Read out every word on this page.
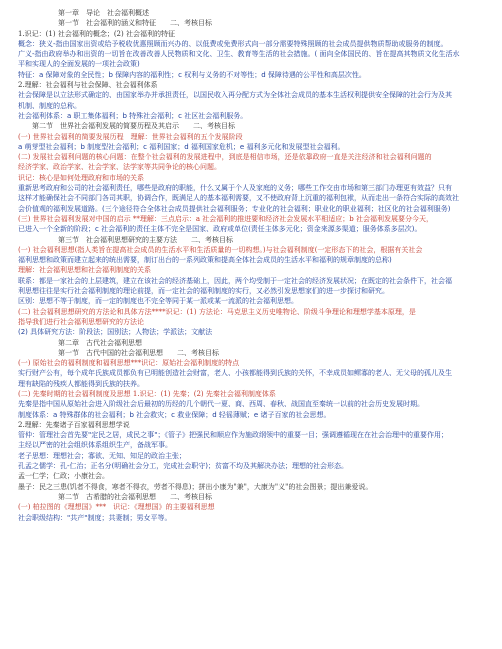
第一章　导论　社会福利概述
第一节　社会福利的涵义和特征　　二、考核目标
1.识记：(1) 社会福利的概念；(2) 社会福利的特征
概念：狭义-指由国家出资或给予税收优惠照顾而兴办的、以低费或免费形式向一部分需要特殊照顾的社会成员提供物质帮助或服务的制度。
广义-指由政府举办和出资的一切旨在改善改善人民物质和文化、卫生、教育等生活的社会措施。( 面向全体国民的、旨在提高其物质文化生活水
平和实现人的全面发展的一项社会政策)
特征：a 保障对象的全民性；b 保障内容的福利性；c 权利与义务的不对等性；d 保障待遇的公平性和高层次性。
2.理解：社会福利与社会保障、社会福利体系
社会保障是以立法形式确定的、由国家举办并承担责任，以国民收入再分配方式为全体社会成员的基本生活权利提供安全保障的社会行为及其
机制、制度的总称。
社会福利体系：a 职工集体福利；b 特殊社会福利；c 社区社会福利服务。
第二节　世界社会福利发展的简要历程及其启示　　二、考核目标
(一) 世界社会福利的简要发展历程　理解：世界社会福利的五个发展阶段
a 萌芽型社会福利；b 制度型社会福利；c 福利国家；d 福利国家危机；e 福利多元化和发展型社会福利。
(二) 发展社会福利问题的核心问题：在整个社会福利的发展进程中，到底是相信市场，还是依靠政府一直是关注经济和社会福利问题的
经济学家、政治学家、社会学家、法学家等共同争论的核心问题。
识记：核心是如何处理政府和市场的关系
重新思考政府和公司的社会福利责任，哪些是政府的职能，什么又属于个人及家庭的义务；哪些工作交由市场和第三部门办理更有效益？只有
这样才能确保社会不同部门各司其职，协调合作，既满足人的基本福利需要，又不使政府背上沉重的福利包袱，从而走出一条符合实际的高效社
会价值观的福利发展道路。(三个途径符合全体社会成员提供社会福利服务；专业化的社会福利；职业化的职业福利；社区化的社会福利服务)
(三) 世界社会福利发展对中国的启示 **理解：三点启示：a 社会福利的推进要和经济社会发展水平相适应；b 社会福利发展要分今天，
已进入一个全新的阶段；c 社会福利的责任主体不完全是国家、政府或单位(责任主体多元化；资金来源多渠道；服务体系多层次)。
第三节　社会福利思想研究的主要方法　　二、考核目标
(一) 社会福利思想(指人类旨在提高社会成员的生活水平和生活质量的一切构想。)与社会福利制度(一定形态下的社会，根据有关社会
福利思想和政策而建立起来的统出需要，制订出台的一系列政策和提高全体社会成员的生活水平和福利的规章制度的总称)
理解：社会福利思想和社会福利制度的关系
联系：都是一家社会的上层建筑，建立在该社会的经济基础上，因此，两个均受制于一定社会的经济发展状况；在既定的社会条件下，社会福
利思想往往是实行社会福利制度的理论前提，而一定社会的福利制度的实行，又必然引发思想家们的进一步探讨和研究。
区别：思想不等于制度，而一定的制度也不完全等同于某一派或某一流派的社会福利思想。
(二) 社会福利思想研究的方法论和具体方法****识记：(1) 方法论：马克思主义历史唯物论、阶级斗争理论和理想学基本原理，是
指导我们进行社会福利思想研究的方法论
(2) 具体研究方法：阶段法；国别法；人物法；学派法；文献法
第二章　古代社会福利思想
第一节　古代中国的社会福利思想　　二、考核目标
(一) 原始社会的福利制度和福利思想***识记：原始社会福利制度的特点
实行财产公有，每个成年氏族成员都负有已明能创造社会财富，老人、小孩都能得到氏族的关怀，不幸成员如鳏寡的老人、无父母的孤儿及生
理有缺陷的残疾人都能得到氏族的扶养。
(二) 先秦时期的社会福利制度及思想 1.识记：(1) 先秦；(2) 先秦社会福利制度体系
先秦是指中国从原始社会进入阶级社会后最初的历经的几个朝代一夏、商、西周、春秋、战国直至秦统一以前的社会历史发展时期。
制度体系：a 特殊群体的社会福利；b 社会救灾；c 救业保障；d 轻徭薄赋；e 诸子百家的社会思想。
2.理解：先秦诸子百家福利思想学说
管仲：管理社会首先要"定民之居，成民之事"；《管子》把强民和顺应作为施政纲领中的重要一目；强调遵循现在在社会治理中的重要作用；
主经以严密的社会组织体系组织生产，备战军事。
老子思想：理想社会；寡欲、无知、知足的政治主张；
孔孟之儒学：孔-仁治；正名分(明确社会分工，完成社会职守)；贫富不均及其解决办法；理想的社会形态。
孟一仁学；仁政；小康社会。
墨子：民之三患(饥者不得食，寒者不得衣，劳者不得息)；拼出小康为"兼"，大康为"义"的社会图景；提出兼爱说。
第二节　古希腊的社会福利思想　　二、考核目标
(一) 柏拉图的《理想国》***　识记：《理想国》的主要福利思想
社会职级结构："共产"制度；共妻制；男女平等。
